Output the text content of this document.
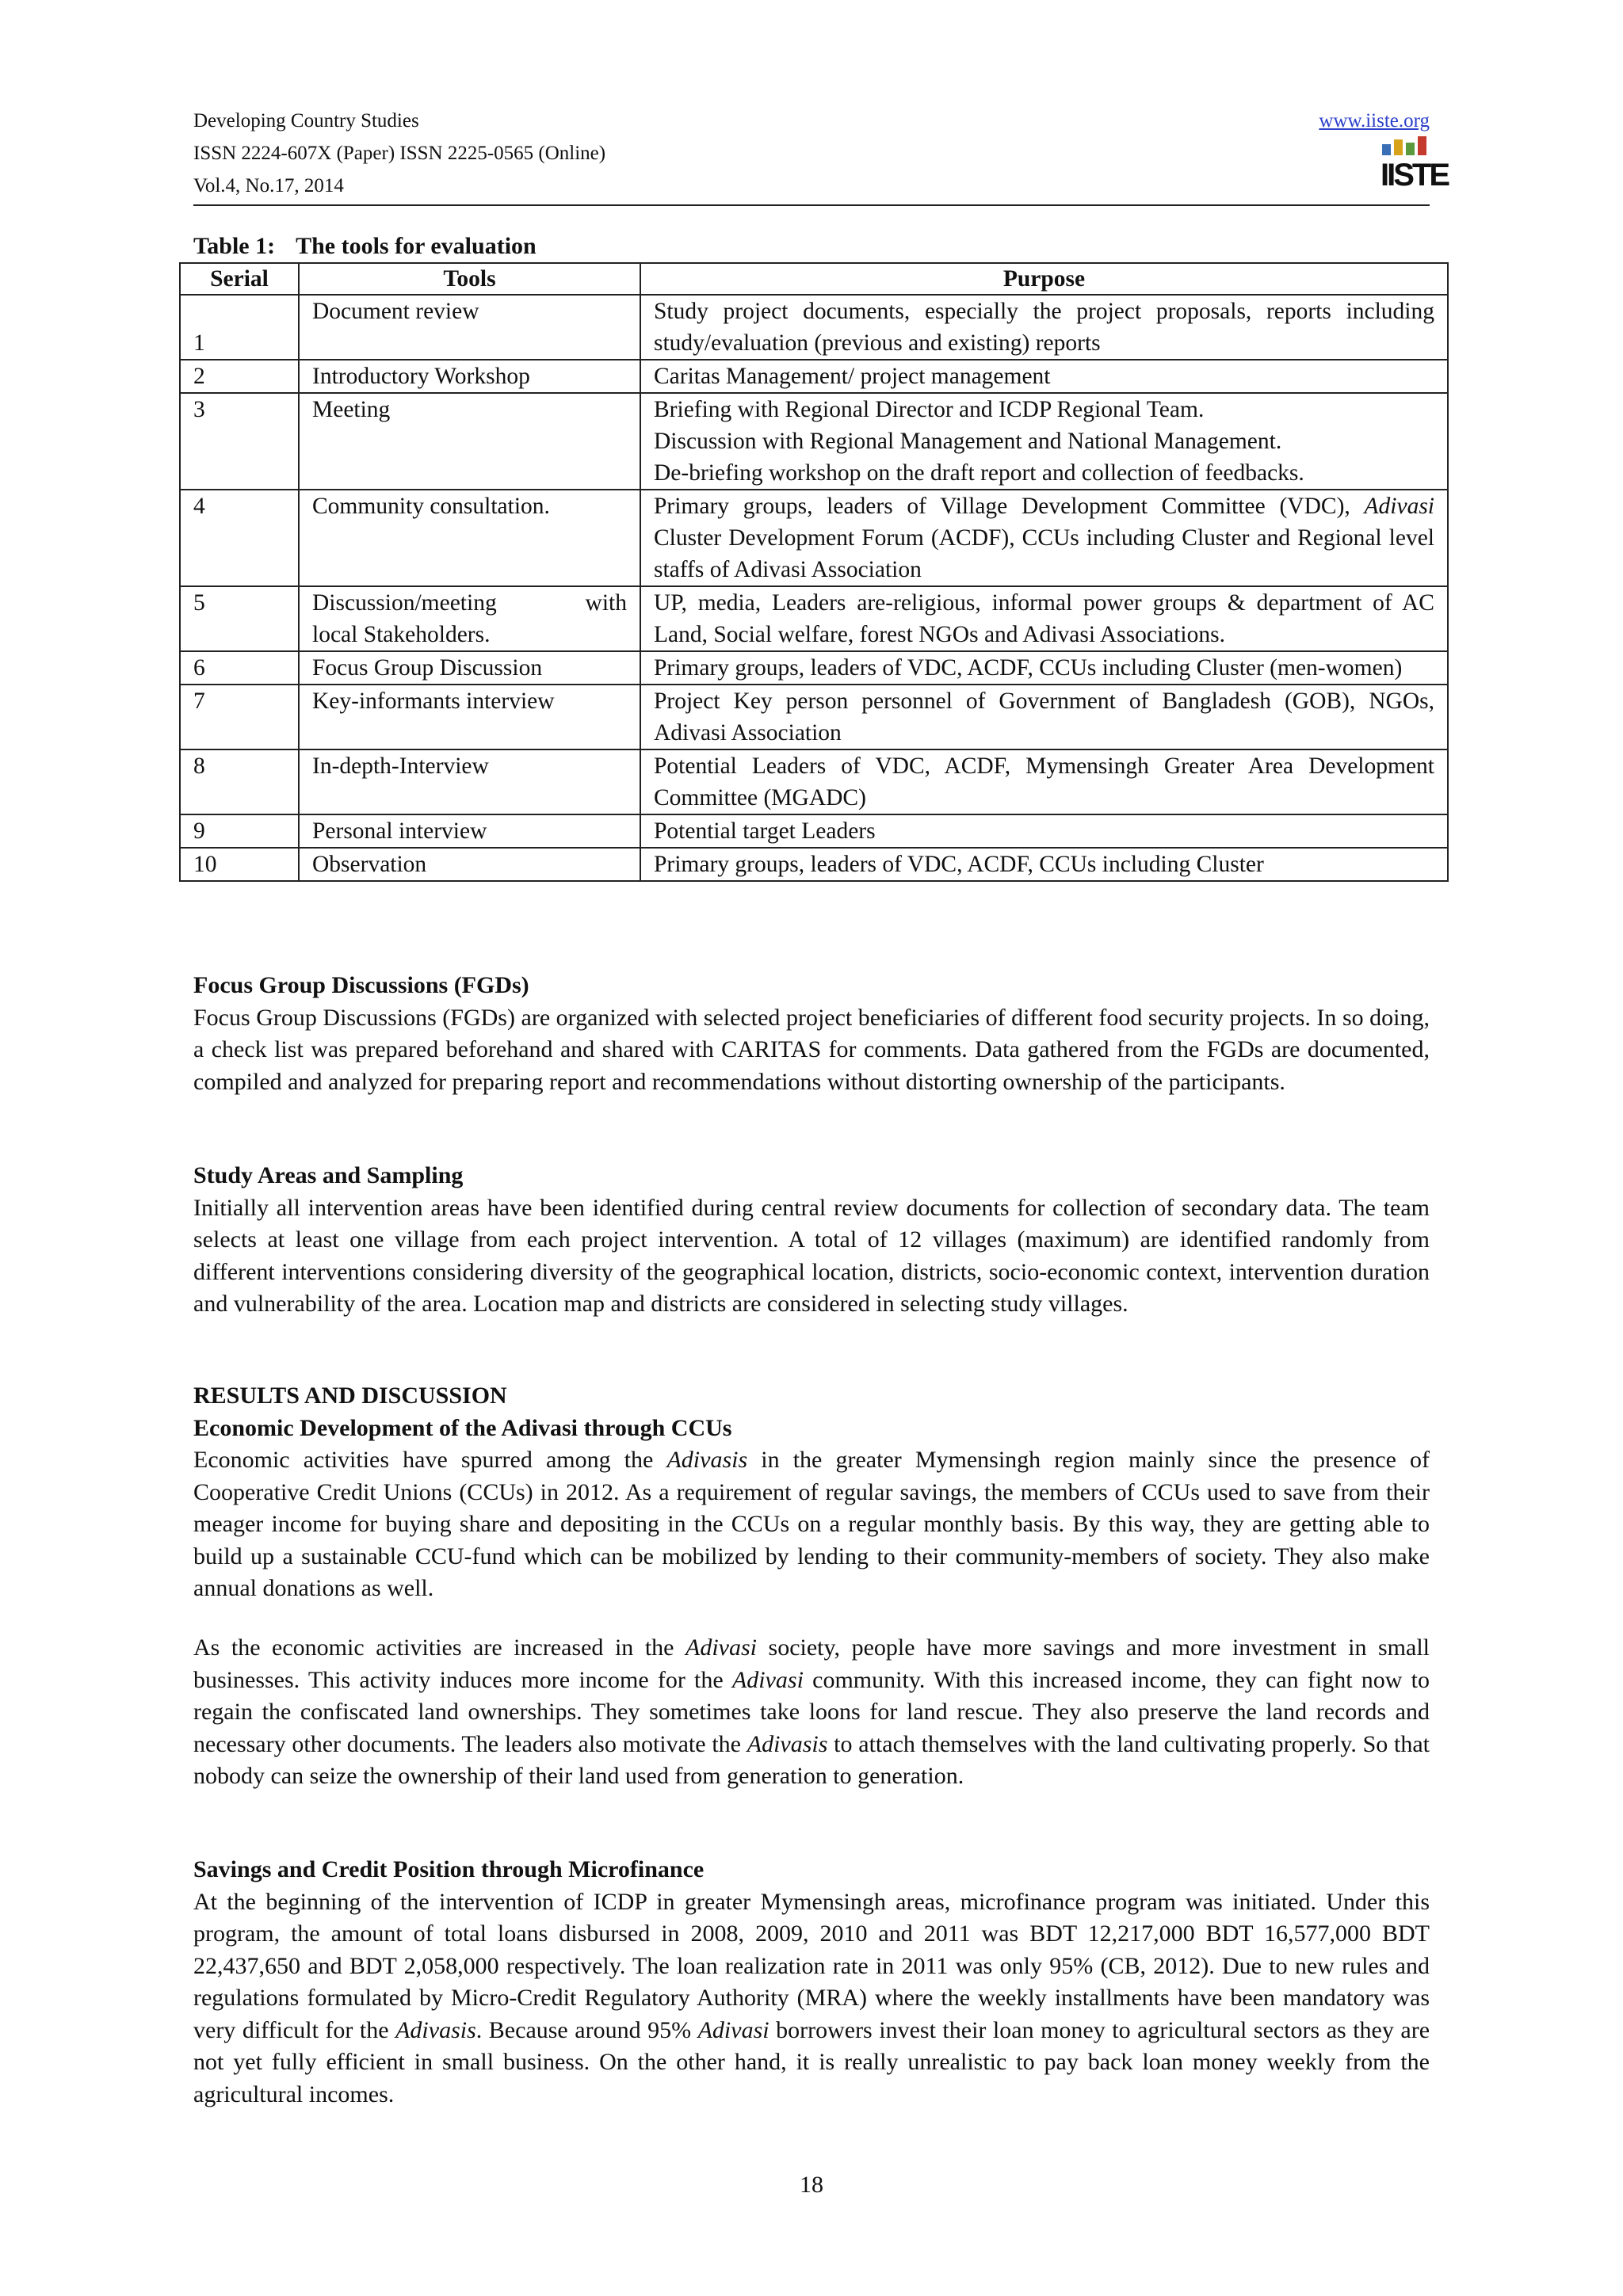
Developing Country Studies
ISSN 2224-607X (Paper) ISSN 2225-0565 (Online)
Vol.4, No.17, 2014
www.iiste.org
IISTE
Table 1: The tools for evaluation
Serial	Tools	Purpose
1	Document review	Study project documents, especially the project proposals, reports including study/evaluation (previous and existing) reports
2	Introductory Workshop	Caritas Management/ project management
3	Meeting	Briefing with Regional Director and ICDP Regional Team.
Discussion with Regional Management and National Management.
De-briefing workshop on the draft report and collection of feedbacks.

4	Community consultation.	Primary groups, leaders of Village Development Committee (VDC), Adivasi Cluster Development Forum (ACDF), CCUs including Cluster and Regional level staffs of Adivasi Association
5	Discussion/meeting with
local Stakeholders.	UP, media, Leaders are-religious, informal power groups & department of AC Land, Social welfare, forest NGOs and Adivasi Associations.
6	Focus Group Discussion	Primary groups, leaders of VDC, ACDF, CCUs including Cluster (men-women)
7	Key-informants interview	Project Key person personnel of Government of Bangladesh (GOB), NGOs, Adivasi Association
8	In-depth-Interview	Potential Leaders of VDC, ACDF, Mymensingh Greater Area Development Committee (MGADC)
9	Personal interview	Potential target Leaders
10	Observation	Primary groups, leaders of VDC, ACDF, CCUs including Cluster
Focus Group Discussions (FGDs)

Focus Group Discussions (FGDs) are organized with selected project beneficiaries of different food security projects. In so doing, a check list was prepared beforehand and shared with CARITAS for comments. Data gathered from the FGDs are documented, compiled and analyzed for preparing report and recommendations without distorting ownership of the participants.

Study Areas and Sampling

Initially all intervention areas have been identified during central review documents for collection of secondary data. The team selects at least one village from each project intervention. A total of 12 villages (maximum) are identified randomly from different interventions considering diversity of the geographical location, districts, socio-economic context, intervention duration and vulnerability of the area. Location map and districts are considered in selecting study villages.

RESULTS AND DISCUSSION
Economic Development of the Adivasi through CCUs

Economic activities have spurred among the Adivasis in the greater Mymensingh region mainly since the presence of Cooperative Credit Unions (CCUs) in 2012. As a requirement of regular savings, the members of CCUs used to save from their meager income for buying share and depositing in the CCUs on a regular monthly basis. By this way, they are getting able to build up a sustainable CCU-fund which can be mobilized by lending to their community-members of society. They also make annual donations as well.

As the economic activities are increased in the Adivasi society, people have more savings and more investment in small businesses. This activity induces more income for the Adivasi community. With this increased income, they can fight now to regain the confiscated land ownerships. They sometimes take loons for land rescue. They also preserve the land records and necessary other documents. The leaders also motivate the Adivasis to attach themselves with the land cultivating properly. So that nobody can seize the ownership of their land used from generation to generation.

Savings and Credit Position through Microfinance

At the beginning of the intervention of ICDP in greater Mymensingh areas, microfinance program was initiated. Under this program, the amount of total loans disbursed in 2008, 2009, 2010 and 2011 was BDT 12,217,000 BDT 16,577,000 BDT 22,437,650 and BDT 2,058,000 respectively. The loan realization rate in 2011 was only 95% (CB, 2012). Due to new rules and regulations formulated by Micro-Credit Regulatory Authority (MRA) where the weekly installments have been mandatory was very difficult for the Adivasis. Because around 95% Adivasi borrowers invest their loan money to agricultural sectors as they are not yet fully efficient in small business. On the other hand, it is really unrealistic to pay back loan money weekly from the agricultural incomes.

18
